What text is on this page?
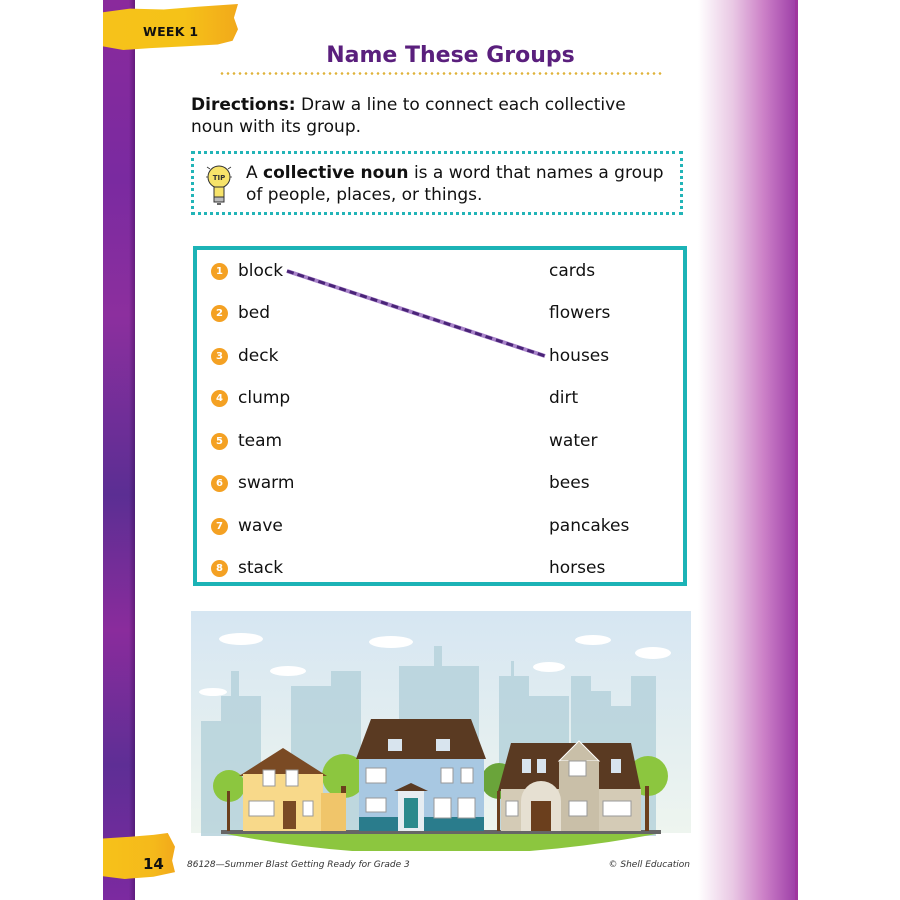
WEEK 1
Name These Groups
Directions: Draw a line to connect each collective noun with its group.
TIP A collective noun is a word that names a group of people, places, or things.
1 block
2 bed
3 deck
4 clump
5 team
6 swarm
7 wave
8 stack
cards
flowers
houses
dirt
water
bees
pancakes
horses
14	86128—Summer Blast Getting Ready for Grade 3	© Shell Education
